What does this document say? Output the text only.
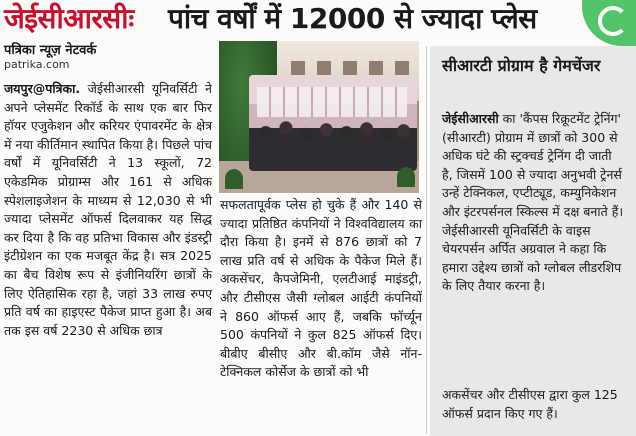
जेईसीआरसीः पांच वर्षों में 12000 से ज्यादा प्लेस
पत्रिका न्यूज़ नेटवर्क
patrika.com
जयपुर@पत्रिका. जेईसीआरसी यूनिवर्सिटी ने अपने प्लेसमेंट रिकॉर्ड के साथ एक बार फिर हॉयर एजुकेशन और करियर एंपावरमेंट के क्षेत्र में नया कीर्तिमान स्थापित किया है। पिछले पांच वर्षों में यूनिवर्सिटी ने 13 स्कूलों, 72 एकेडमिक प्रोग्राम्स और 161 से अधिक स्पेशलाइजेशन के माध्यम से 12,030 से भी ज्यादा प्लेसमेंट ऑफर्स दिलवाकर यह सिद्ध कर दिया है कि वह प्रतिभा विकास और इंडस्ट्री इंटीग्रेशन का एक मजबूत केंद्र है। सत्र 2025 का बैच विशेष रूप से इंजीनियरिंग छात्रों के लिए ऐतिहासिक रहा है, जहां 33 लाख रुपए प्रति वर्ष का हाइएस्ट पैकेज प्राप्त हुआ है। अब तक इस वर्ष 2230 से अधिक छात्र
सफलतापूर्वक प्लेस हो चुके हैं और 140 से ज्यादा प्रतिष्ठित कंपनियों ने विश्वविद्यालय का दौरा किया है। इनमें से 876 छात्रों को 7 लाख प्रति वर्ष से अधिक के पैकेज मिले हैं। अकसेंचर, कैपजेमिनी, एलटीआई माइंडट्री, और टीसीएस जैसी ग्लोबल आईटी कंपनियों ने 860 ऑफर्स आए हैं, जबकि फॉर्च्यून 500 कंपनियों ने कुल 825 ऑफर्स दिए। बीबीए बीसीए और बी.कॉम जैसे नॉन-टेक्निकल कोर्सेज के छात्रों को भी
सीआरटी प्रोग्राम है गेमचेंजर
जेईसीआरसी का 'कैंपस रिक्रूटमेंट ट्रेनिंग' (सीआरटी) प्रोग्राम में छात्रों को 300 से अधिक घंटे की स्ट्रक्चर्ड ट्रेनिंग दी जाती है, जिसमें 100 से ज्यादा अनुभवी ट्रेनर्स उन्हें टेक्निकल, एप्टीट्यूड, कम्युनिकेशन और इंटरपर्सनल स्किल्स में दक्ष बनाते हैं। जेईसीआरसी यूनिवर्सिटी के वाइस चेयरपर्सन अर्पित अग्रवाल ने कहा कि हमारा उद्देश्य छात्रों को ग्लोबल लीडरशिप के लिए तैयार करना है।
अकसेंचर और टीसीएस द्वारा कुल 125 ऑफर्स प्रदान किए गए हैं।
